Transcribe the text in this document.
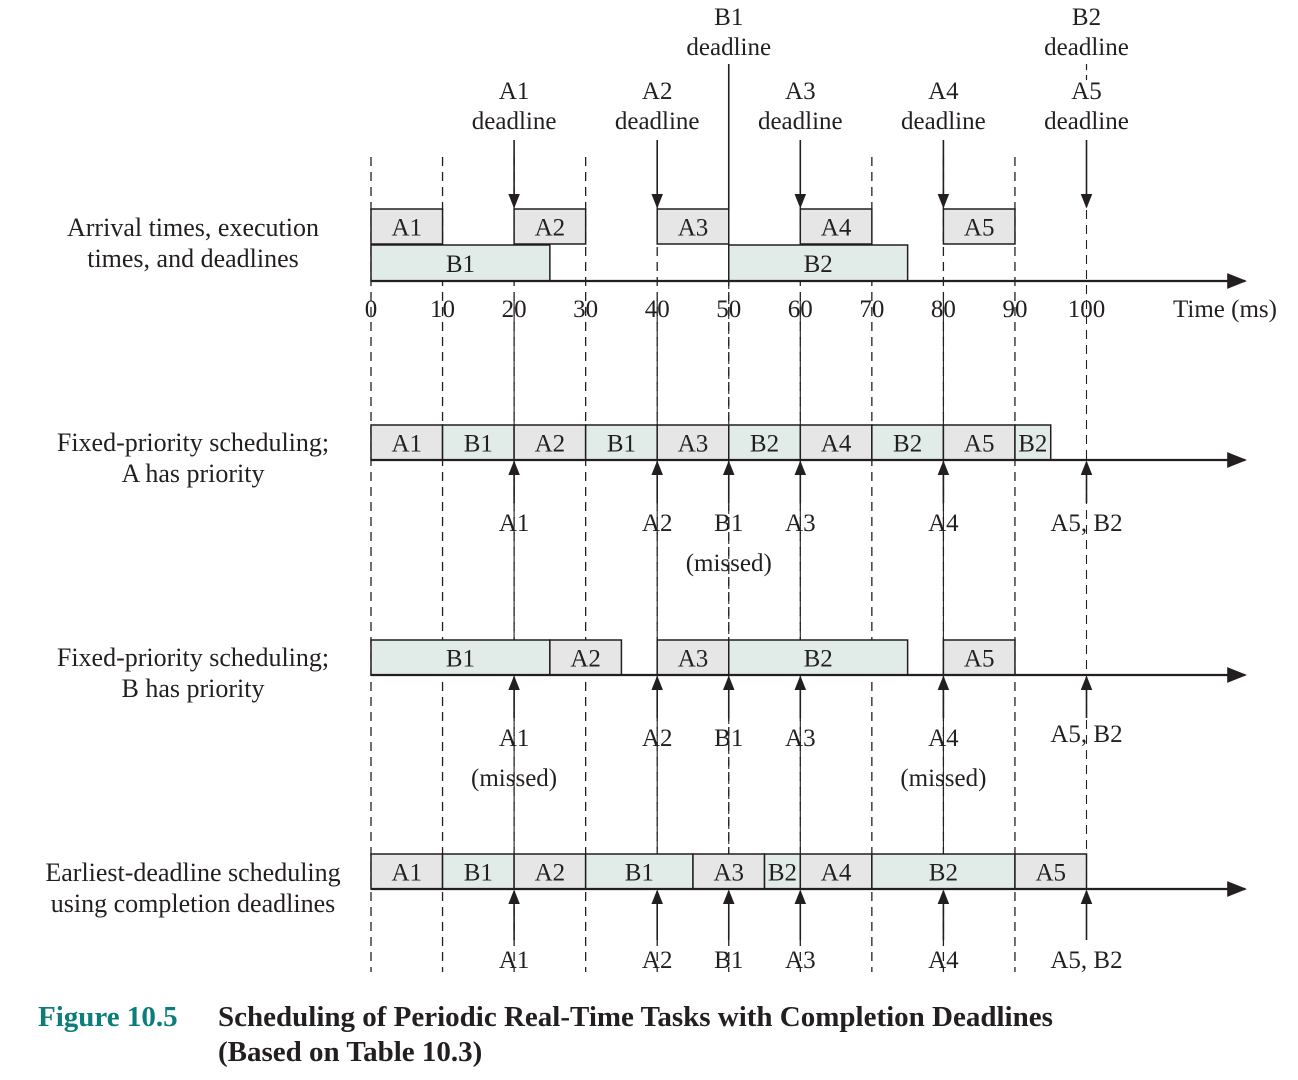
B1
deadline
B2
deadline
A1
deadline
A2
deadline
A3
deadline
A4
deadline
A5
deadline
Arrival times, execution
times, and deadlines
A1	A2	A3	A4	A5
B1	B2
Fixed-priority scheduling;
A has priority
A1 B1 A2 B1 A3 B2 A4 B2 A5 B2
A1	A2 B1
(missed)
A3	A4	A5, B2
Fixed-priority scheduling;
B has priority
B1	A2	A3	B2	A5
A1
(missed)
A2 B1 A3	A4
(missed)
A5, B2
Earliest-deadline scheduling
using completion deadlines
A1 B1 A2 B1 A3 B2 A4	B2	A5
A1	A2 B1 A3	A4	A5, B2
0 10 20 30 40 50 60 70 80 90 100	Time (ms)
Figure 10.5 Scheduling of Periodic Real-Time Tasks with Completion Deadlines
(Based on Table 10.3)
